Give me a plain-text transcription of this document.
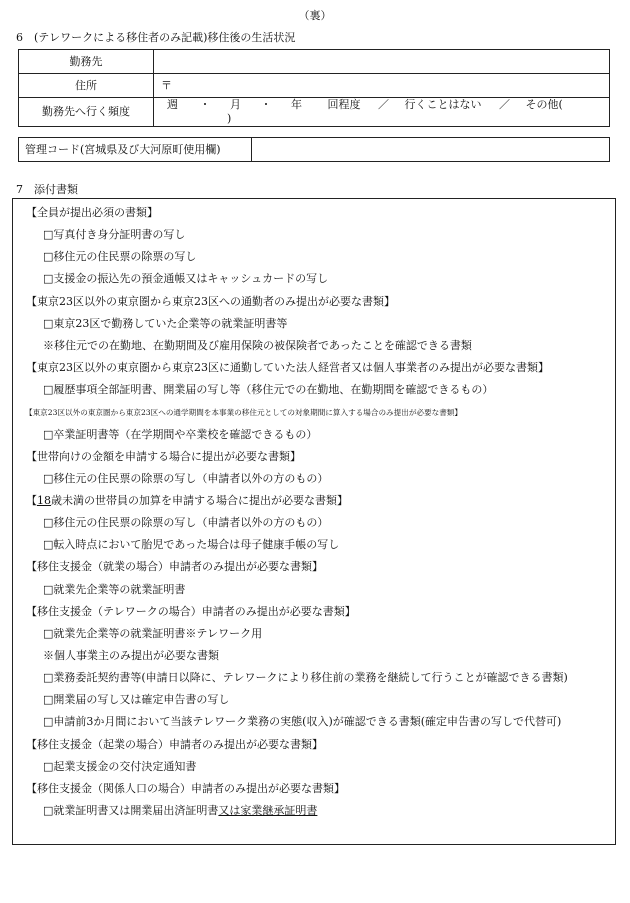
（裏）
6　(テレワークによる移住者のみ記載)移住後の生活状況
勤務先	
住所	〒
勤務先へ行く頻度	週 ・ 月 ・ 年 回程度 ／ 行くことはない ／ その他( )
管理コード(宮城県及び大河原町使用欄)	
7　添付書類
【全員が提出必須の書類】
□写真付き身分証明書の写し
□移住元の住民票の除票の写し
□支援金の振込先の預金通帳又はキャッシュカードの写し
【東京23区以外の東京圏から東京23区への通勤者のみ提出が必要な書類】
□東京23区で勤務していた企業等の就業証明書等
※移住元での在勤地、在勤期間及び雇用保険の被保険者であったことを確認できる書類
【東京23区以外の東京圏から東京23区に通勤していた法人経営者又は個人事業者のみ提出が必要な書類】
□履歴事項全部証明書、開業届の写し等（移住元での在勤地、在勤期間を確認できるもの）
【東京23区以外の東京圏から東京23区への通学期間を本事業の移住元としての対象期間に算入する場合のみ提出が必要な書類】
□卒業証明書等（在学期間や卒業校を確認できるもの）
【世帯向けの金額を申請する場合に提出が必要な書類】
□移住元の住民票の除票の写し（申請者以外の方のもの）
【18歳未満の世帯員の加算を申請する場合に提出が必要な書類】
□移住元の住民票の除票の写し（申請者以外の方のもの）
□転入時点において胎児であった場合は母子健康手帳の写し
【移住支援金（就業の場合）申請者のみ提出が必要な書類】
□就業先企業等の就業証明書
【移住支援金（テレワークの場合）申請者のみ提出が必要な書類】
□就業先企業等の就業証明書※テレワーク用
※個人事業主のみ提出が必要な書類
□業務委託契約書等(申請日以降に、テレワークにより移住前の業務を継続して行うことが確認できる書類)
□開業届の写し又は確定申告書の写し
□申請前3か月間において当該テレワーク業務の実態(収入)が確認できる書類(確定申告書の写しで代替可)
【移住支援金（起業の場合）申請者のみ提出が必要な書類】
□起業支援金の交付決定通知書
【移住支援金（関係人口の場合）申請者のみ提出が必要な書類】
□就業証明書又は開業届出済証明書又は家業継承証明書
